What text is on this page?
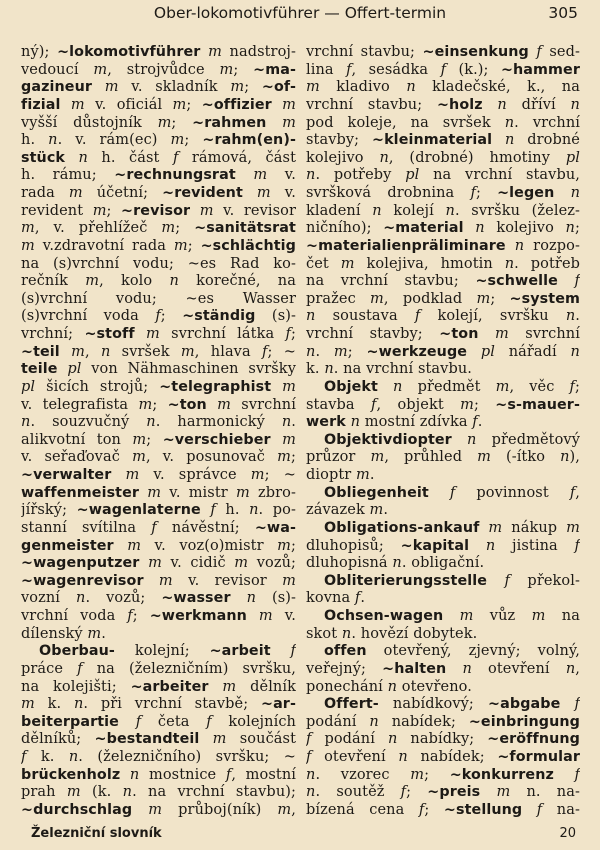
Ober-lokomotivführer — Offert-termin	305
ný); ~lokomotivführer m nadstroj-
vedoucí m, strojvůdce m; ~ma-
gazineur m v. skladník m; ~of-
fizial m v. oficiál m; ~offizier m
vyšší důstojník m; ~rahmen m
h. n. v. rám(ec) m; ~rahm(en)-
stück n h. část f rámová, část
h. rámu; ~rechnungsrat m v.
rada m účetní; ~revident m v.
revident m; ~revisor m v. revisor
m, v. přehlížeč m; ~sanitätsrat
m v.zdravotní rada m; ~schlächtig
na (s)vrchní vodu; ~es Rad ko-
rečník m, kolo n korečné, na
(s)vrchní vodu; ~es Wasser
(s)vrchní voda f; ~ständig (s)-
vrchní; ~stoff m svrchní látka f;
~teil m, n svršek m, hlava f; ~
teile pl von Nähmaschinen svršky
pl šicích strojů; ~telegraphist m
v. telegrafista m; ~ton m svrchní
n. souzvučný n. harmonický n.
alikvotní ton m; ~verschieber m
v. seřaďovač m, v. posunovač m;
~verwalter m v. správce m; ~
waffenmeister m v. mistr m zbro-
jířský; ~wagenlaterne f h. n. po-
stanní svítilna f návěstní; ~wa-
genmeister m v. voz(o)mistr m;
~wagenputzer m v. cidič m vozů;
~wagenrevisor m v. revisor m
vozní n. vozů; ~wasser n (s)-
vrchní voda f; ~werkmann m v.
dílenský m.
Oberbau- kolejní; ~arbeit f
práce f na (železničním) svršku,
na kolejišti; ~arbeiter m dělník
m k. n. při vrchní stavbě; ~ar-
beiterpartie f četa f kolejních
dělníků; ~bestandteil m součást
f k. n. (železničního) svršku; ~
brückenholz n mostnice f, mostní
prah m (k. n. na vrchní stavbu);
~durchschlag m průboj(ník) m,
vrchní stavbu; ~einsenkung f sed-
lina f, sesádka f (k.); ~hammer
m kladivo n kladečské, k., na
vrchní stavbu; ~holz n dříví n
pod koleje, na svršek n. vrchní
stavby; ~kleinmaterial n drobné
kolejivo n, (drobné) hmotiny pl
n. potřeby pl na vrchní stavbu,
svršková drobnina f; ~legen n
kladení n kolejí n. svršku (želez-
ničního); ~material n kolejivo n;
~materialienpräliminare n rozpo-
čet m kolejiva, hmotin n. potřeb
na vrchní stavbu; ~schwelle f
pražec m, podklad m; ~system
n soustava f kolejí, svršku n.
vrchní stavby; ~ton m svrchní
n. m; ~werkzeuge pl nářadí n
k. n. na vrchní stavbu.
Objekt n předmět m, věc f;
stavba f, objekt m; ~s-mauer-
werk n mostní zdívka f.
Objektivdiopter n předmětový
průzor m, průhled m (-ítko n),
dioptr m.
Obliegenheit f povinnost f,
závazek m.
Obligations-ankauf m nákup m
dluhopisů; ~kapital n jistina f
dluhopisná n. obligační.
Obliterierungsstelle f překol-
kovna f.
Ochsen-wagen m vůz m na
skot n. hovězí dobytek.
offen otevřený, zjevný; volný,
veřejný; ~halten n otevření n,
ponechání n otevřeno.
Offert- nabídkový; ~abgabe f
podání n nabídek; ~einbringung
f podání n nabídky; ~eröffnung
f otevření n nabídek; ~formular
n. vzorec m; ~konkurrenz f
n. soutěž f; ~preis m n. na-
bízená cena f; ~stellung f na-
Železniční slovník	20
